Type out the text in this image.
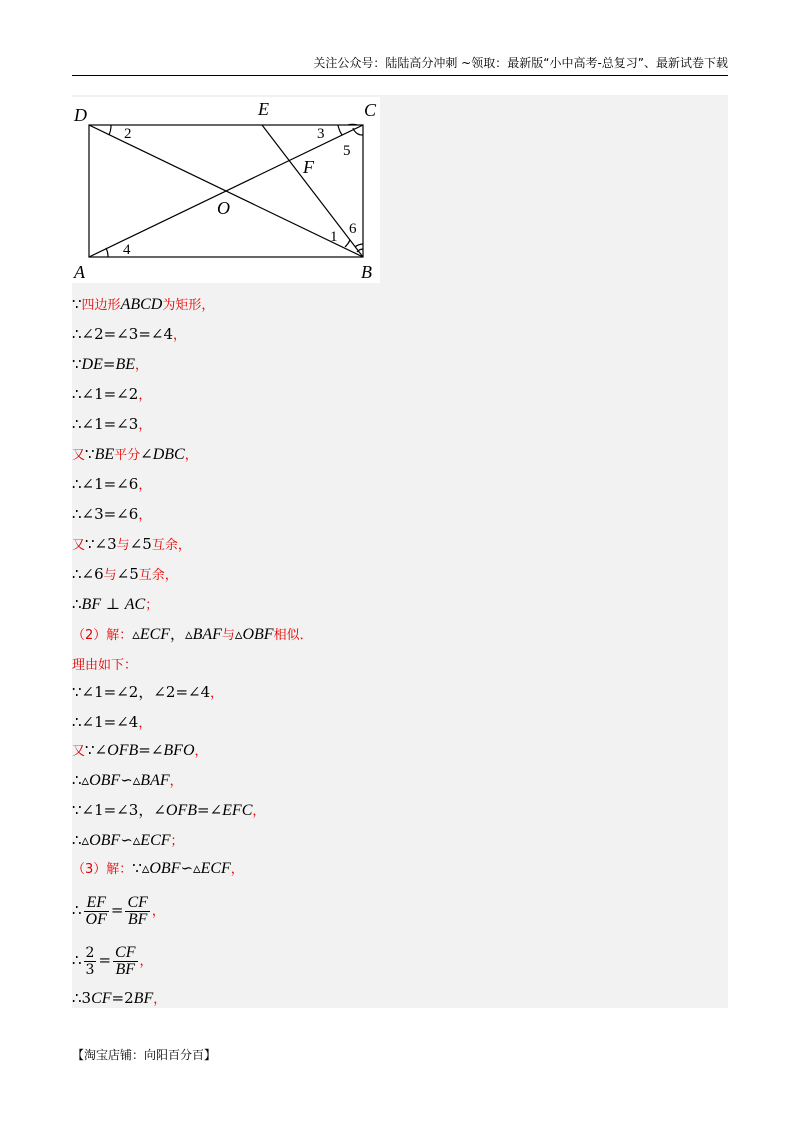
关注公众号：陆陆高分冲刺 ~领取：最新版“小中高考-总复习”、最新试卷下载
D	E	C
A	B
O
F
2	3
5
4
1 6
∵四边形ABCD为矩形，
∴∠2=∠3=∠4，
∵DE=BE，
∴∠1=∠2，
∴∠1=∠3，
又∵BE平分∠DBC，
∴∠1=∠6，
∴∠3=∠6，
又∵∠3与∠5互余，
∴∠6与∠5互余，
∴BF ⊥ AC；
（2）解：▵ECF，▵BAF与▵OBF相似．
理由如下：
∵∠1=∠2，∠2=∠4，
∴∠1=∠4，
又∵∠OFB=∠BFO，
∴▵OBF∽▵BAF，
∵∠1=∠3，∠OFB=∠EFC，
∴▵OBF∽▵ECF；
（3）解：∵▵OBF∽▵ECF，
∴ $\frac{EF}{OF} = \frac{CF}{BF}$ ，
∴ $\frac{2}{3} = \frac{CF}{BF}$ ，
∴3CF=2BF，
【淘宝店铺：向阳百分百】
